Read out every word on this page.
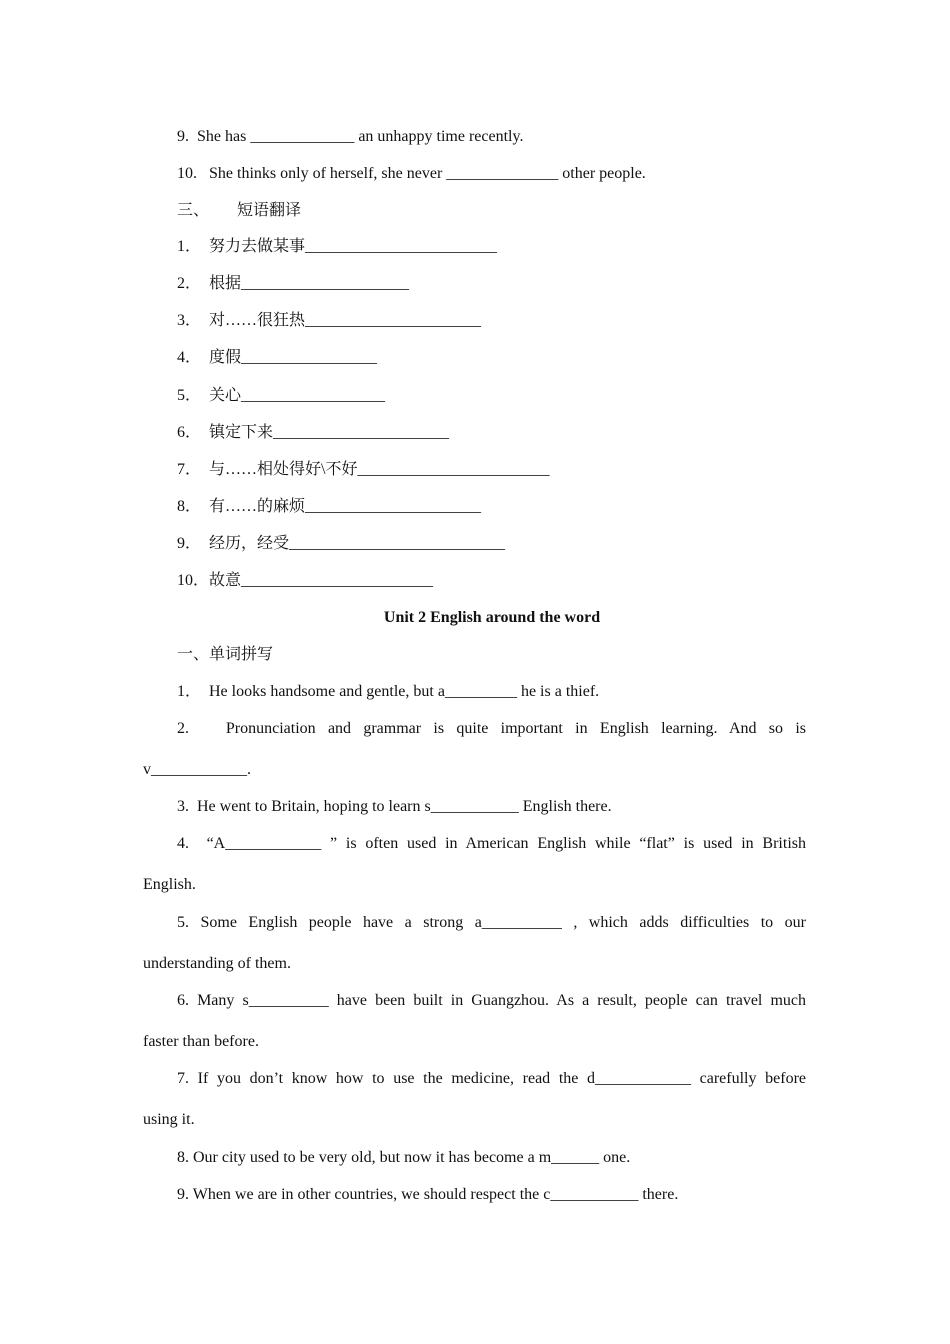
9.  She has _____________ an unhappy time recently.
10.   She thinks only of herself, she never ______________ other people.
三、       短语翻译
1．  努力去做某事________________________
2．  根据_____________________
3．  对……很狂热______________________
4．  度假_________________
5．  关心__________________
6．  镇定下来______________________
7．  与……相处得好\不好________________________
8．  有……的麻烦______________________
9．  经历，经受___________________________
10．故意________________________
Unit 2 English around the word
一、单词拼写
1．  He looks handsome and gentle, but a_________ he is a thief.
2.   Pronunciation and grammar is quite important in English learning. And so is
v____________.
3.  He went to Britain, hoping to learn s___________ English there.
4.  “A____________ ” is often used in American English while “flat” is used in British
English.
5. Some English people have a strong a__________ , which adds difficulties to our
understanding of them.
6. Many s__________ have been built in Guangzhou. As a result, people can travel much
faster than before.
7. If you don’t know how to use the medicine, read the d____________ carefully before
using it.
8. Our city used to be very old, but now it has become a m______ one.
9. When we are in other countries, we should respect the c___________ there.
